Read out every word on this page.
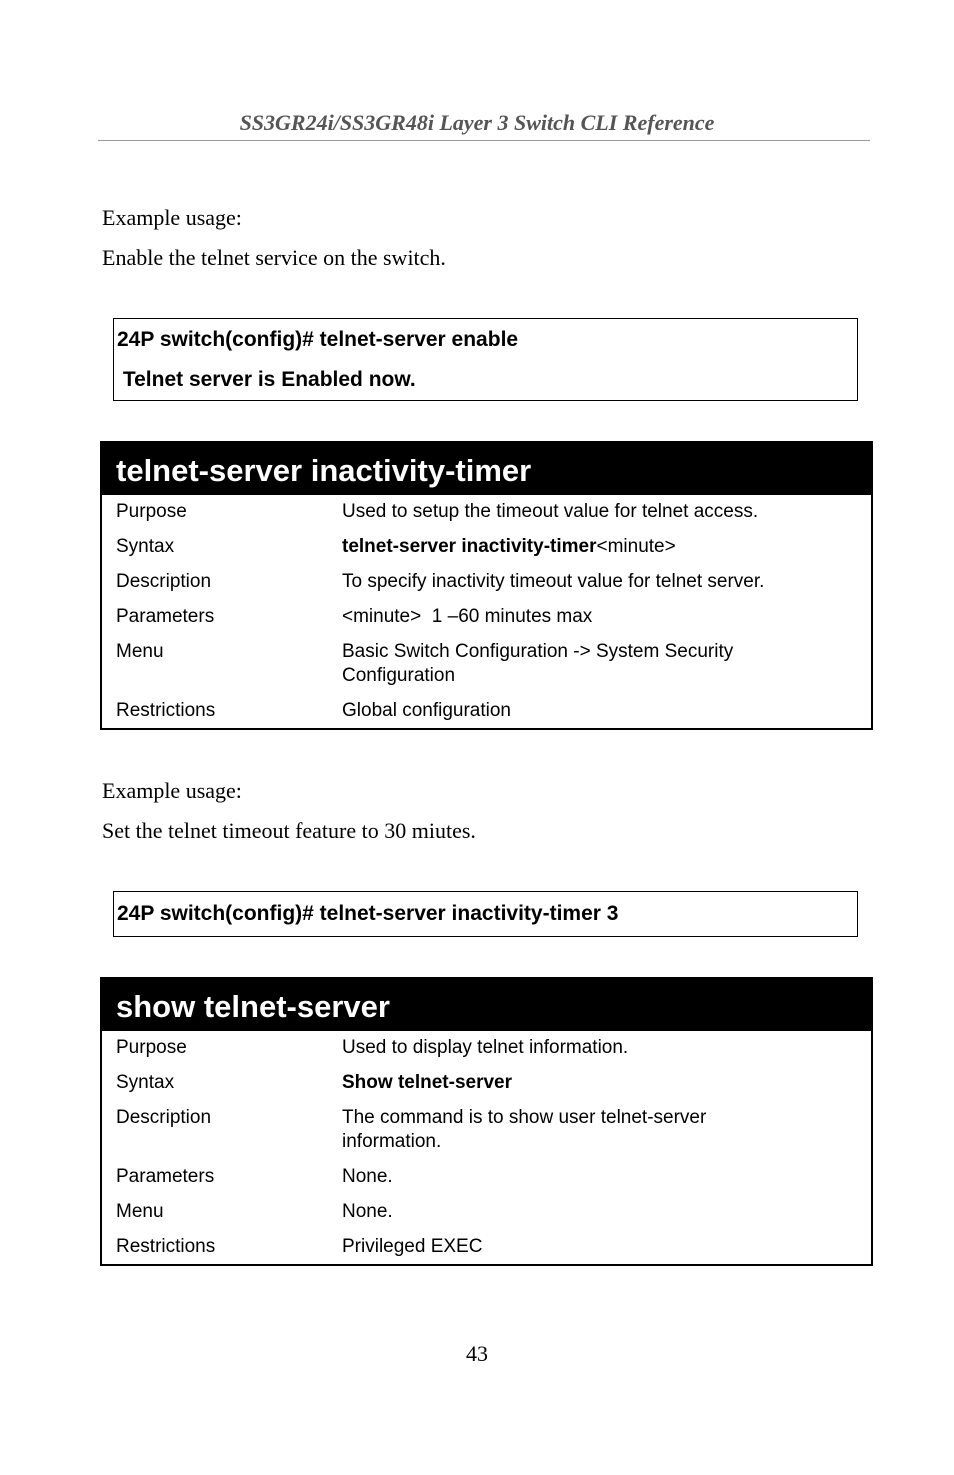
SS3GR24i/SS3GR48i Layer 3 Switch CLI Reference
Example usage:
Enable the telnet service on the switch.
24P switch(config)# telnet-server enable
Telnet server is Enabled now.
telnet-server inactivity-timer
Purpose	Used to setup the timeout value for telnet access.
Syntax	telnet-server inactivity-timer<minute>
Description	To specify inactivity timeout value for telnet server.
Parameters	<minute>  1 –60 minutes max
Menu	Basic Switch Configuration -> System Security Configuration
Restrictions	Global configuration
Example usage:
Set the telnet timeout feature to 30 miutes.
24P switch(config)# telnet-server inactivity-timer 3
show telnet-server
Purpose	Used to display telnet information.
Syntax	Show telnet-server
Description	The command is to show user telnet-server information.
Parameters	None.
Menu	None.
Restrictions	Privileged EXEC
43
